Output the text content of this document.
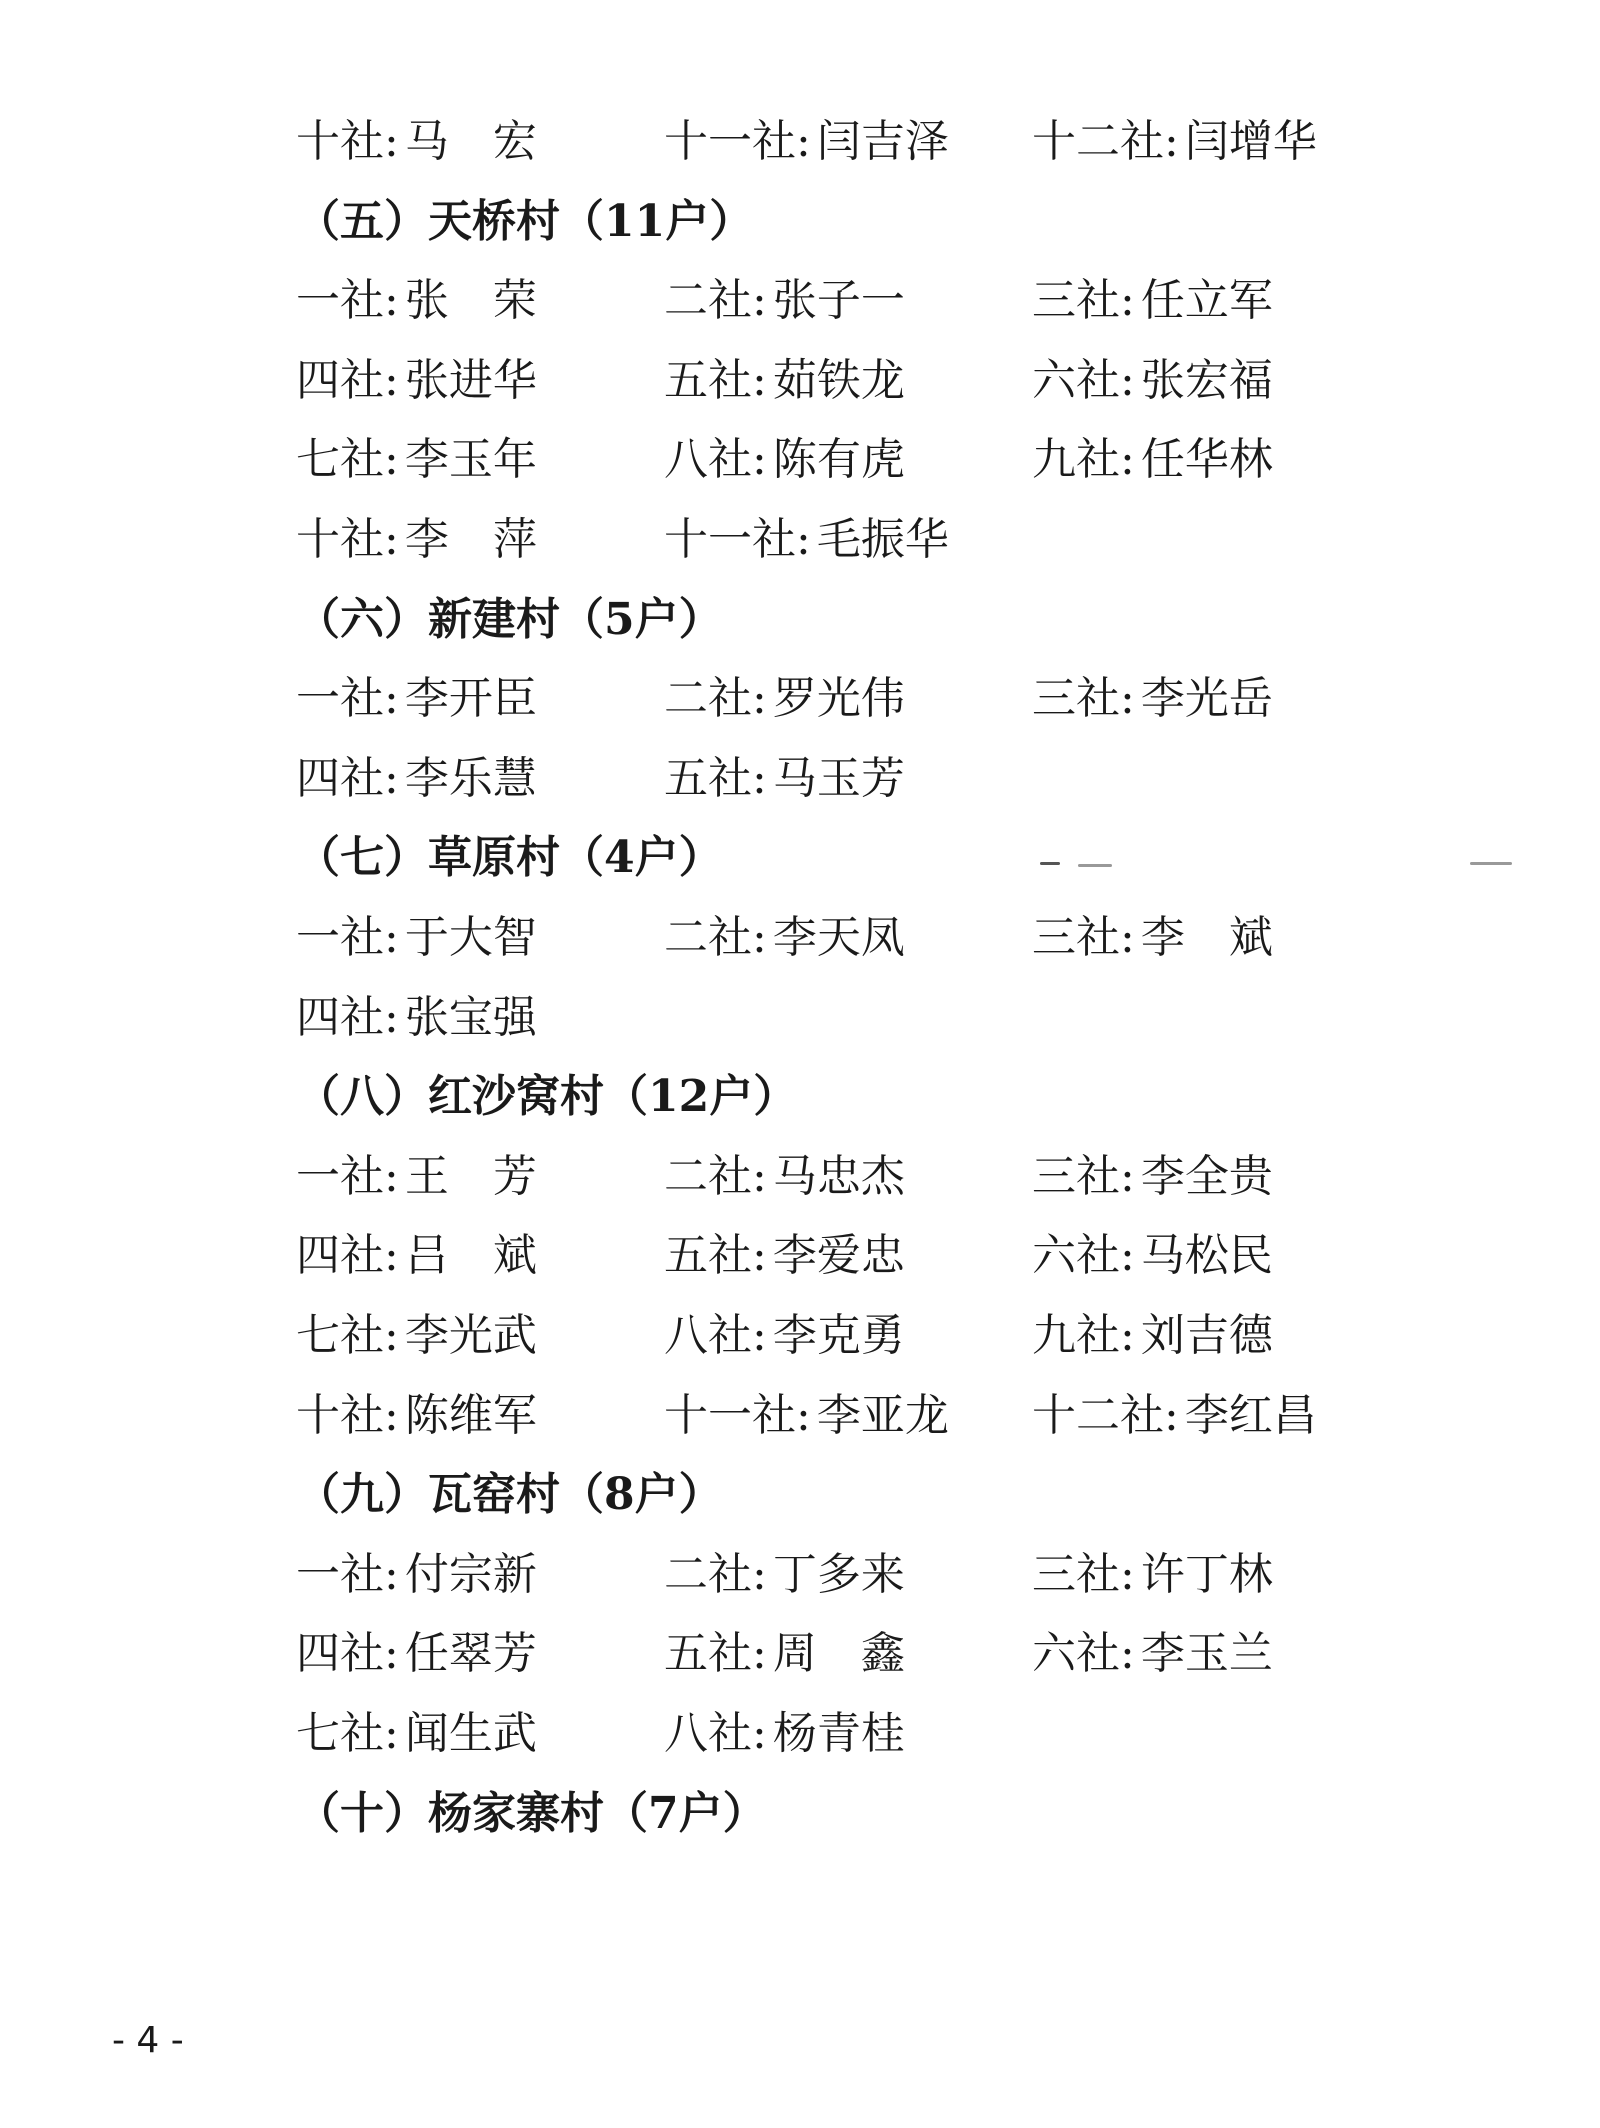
十社: 马宏 十一社: 闫吉泽 十二社: 闫增华
（五）天桥村（11户）
一社: 张荣 二社: 张子一	三社: 任立军
四社: 张进华	五社: 茹铁龙	六社: 张宏福
七社: 李玉年	八社: 陈有虎	九社: 任华林
十社: 李萍 十一社: 毛振华
（六）新建村（5户）
一社: 李开臣	二社: 罗光伟	三社: 李光岳
四社: 李乐慧	五社: 马玉芳
（七）草原村（4户）
一社: 于大智	二社: 李天凤	三社: 李斌
四社: 张宝强
（八）红沙窝村（12户）
一社: 王芳 二社: 马忠杰	三社: 李全贵
四社: 吕斌 五社: 李爱忠	六社: 马松民
七社: 李光武	八社: 李克勇	九社: 刘吉德
十社: 陈维军	十一社: 李亚龙 十二社: 李红昌
（九）瓦窑村（8户）
一社: 付宗新	二社: 丁多来	三社: 许丁林
四社: 任翠芳	五社: 周鑫 六社: 李玉兰
七社: 闻生武	八社: 杨青桂
（十）杨家寨村（7户）
- 4 -
